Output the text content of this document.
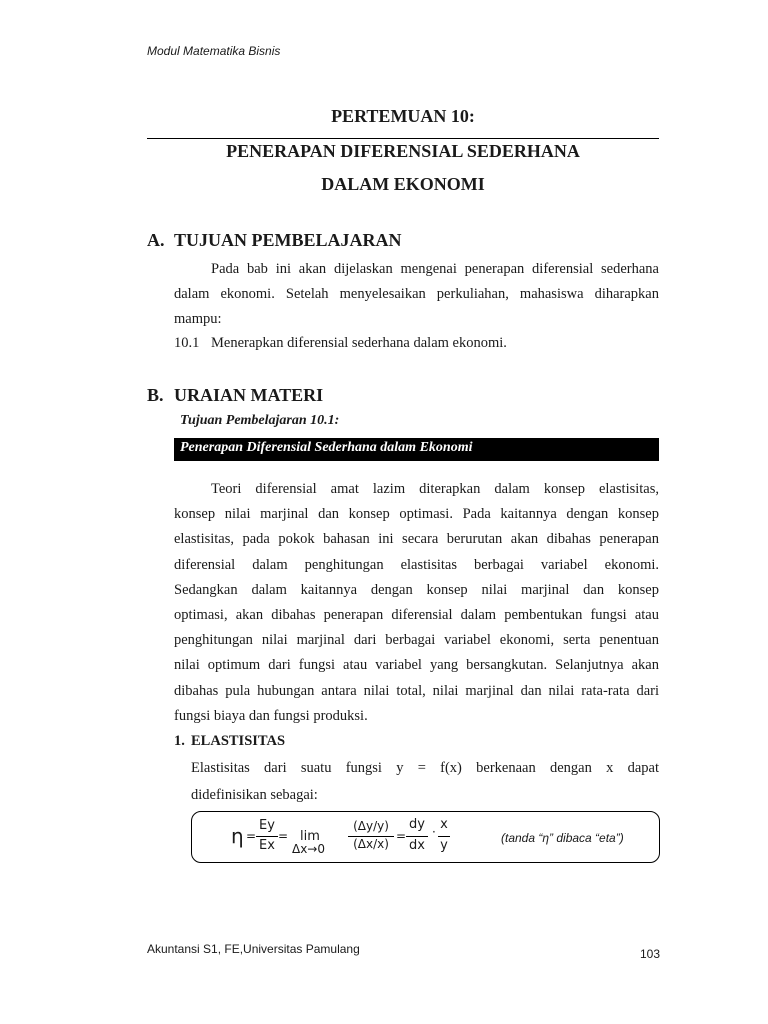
Modul Matematika Bisnis
PERTEMUAN 10:
PENERAPAN DIFERENSIAL SEDERHANA
DALAM EKONOMI
A. TUJUAN PEMBELAJARAN
Pada bab ini akan dijelaskan mengenai penerapan diferensial sederhana
dalam ekonomi. Setelah menyelesaikan perkuliahan, mahasiswa diharapkan
mampu:
10.1 Menerapkan diferensial sederhana dalam ekonomi.
B. URAIAN MATERI
Tujuan Pembelajaran 10.1:
Penerapan Diferensial Sederhana dalam Ekonomi
Teori diferensial amat lazim diterapkan dalam konsep elastisitas,
konsep nilai marjinal dan konsep optimasi. Pada kaitannya dengan konsep
elastisitas, pada pokok bahasan ini secara berurutan akan dibahas penerapan
diferensial dalam penghitungan elastisitas berbagai variabel ekonomi.
Sedangkan dalam kaitannya dengan konsep nilai marjinal dan konsep
optimasi, akan dibahas penerapan diferensial dalam pembentukan fungsi atau
penghitungan nilai marjinal dari berbagai variabel ekonomi, serta penentuan
nilai optimum dari fungsi atau variabel yang bersangkutan. Selanjutnya akan
dibahas pula hubungan antara nilai total, nilai marjinal dan nilai rata-rata dari
fungsi biaya dan fungsi produksi.
1. ELASTISITAS
Elastisitas dari suatu fungsi y = f(x) berkenaan dengan x dapat
didefinisikan sebagai:
η =
Ey
Ex
= lim
Δx→0
(Δy/y)
(Δx/x)
=
dy
dx
· x
y	(tanda “η” dibaca “eta”)
Akuntansi S1, FE,Universitas Pamulang	103
